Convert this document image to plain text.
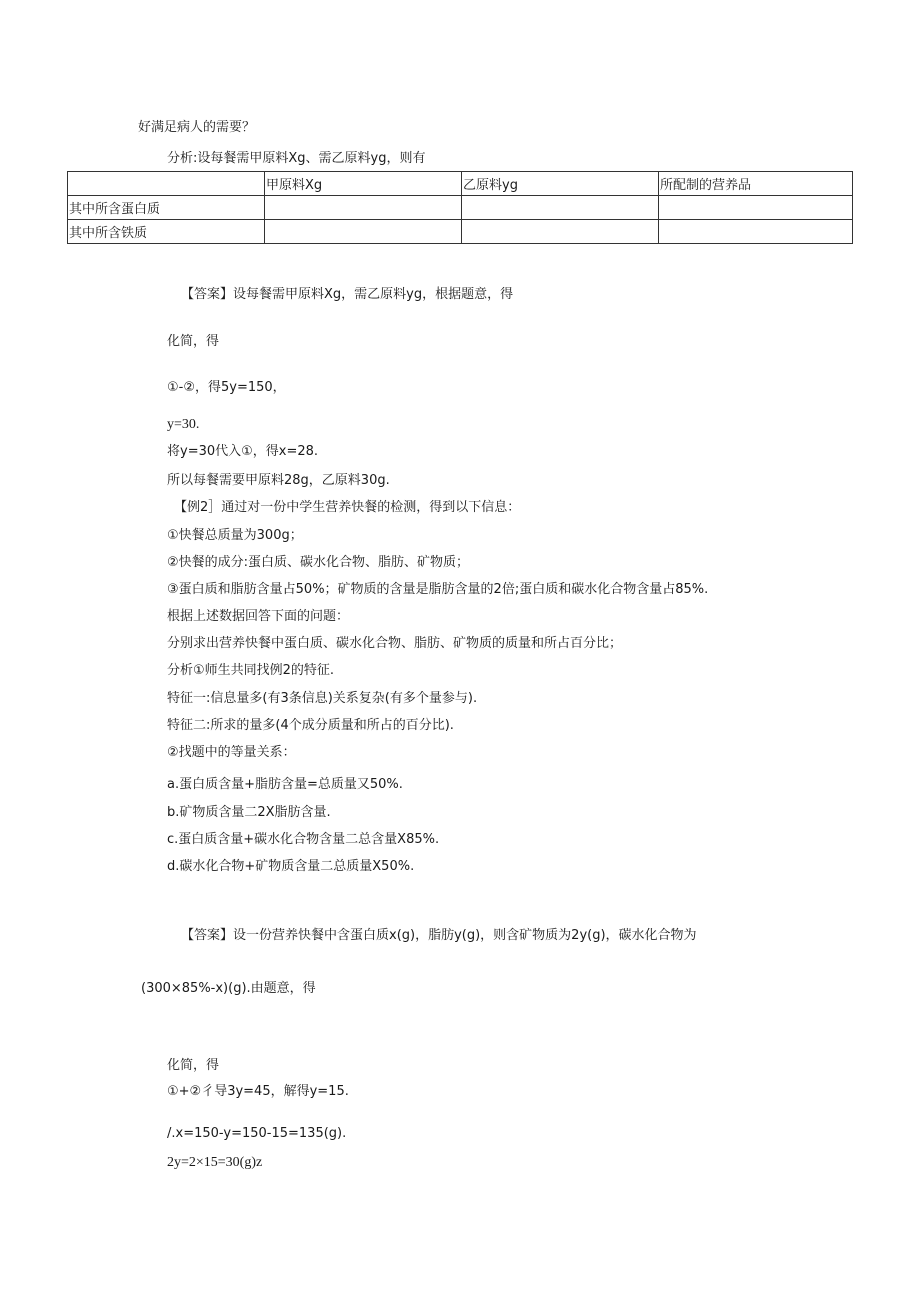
好满足病人的需要？
分析:设每餐需甲原料Xg、需乙原料yg，则有
	甲原料Xg	乙原料yg	所配制的营养品
其中所含蛋白质			
其中所含铁质			
【答案】设每餐需甲原料Xg，需乙原料yg，根据题意，得
化简，得
①-②，得5y=150，
y=30.
将y=30代入①，得x=28.
所以每餐需要甲原料28g，乙原料30g.
【例2］通过对一份中学生营养快餐的检测，得到以下信息：
①快餐总质量为300g；
②快餐的成分:蛋白质、碳水化合物、脂肪、矿物质；
③蛋白质和脂肪含量占50%；矿物质的含量是脂肪含量的2倍;蛋白质和碳水化合物含量占85%.
根据上述数据回答下面的问题：
分别求出营养快餐中蛋白质、碳水化合物、脂肪、矿物质的质量和所占百分比；
分析①师生共同找例2的特征.
特征一:信息量多(有3条信息)关系复杂(有多个量参与).
特征二:所求的量多(4个成分质量和所占的百分比).
②找题中的等量关系：
a.蛋白质含量+脂肪含量=总质量又50%.
b.矿物质含量二2X脂肪含量.
c.蛋白质含量+碳水化合物含量二总含量X85%.
d.碳水化合物+矿物质含量二总质量X50%.
【答案】设一份营养快餐中含蛋白质x(g)，脂肪y(g)，则含矿物质为2y(g)，碳水化合物为
(300×85%-x)(g).由题意，得
化简，得
①+②彳导3y=45，解得y=15.
/.x=150-y=150-15=135(g).
2y=2×15=30(g)z
